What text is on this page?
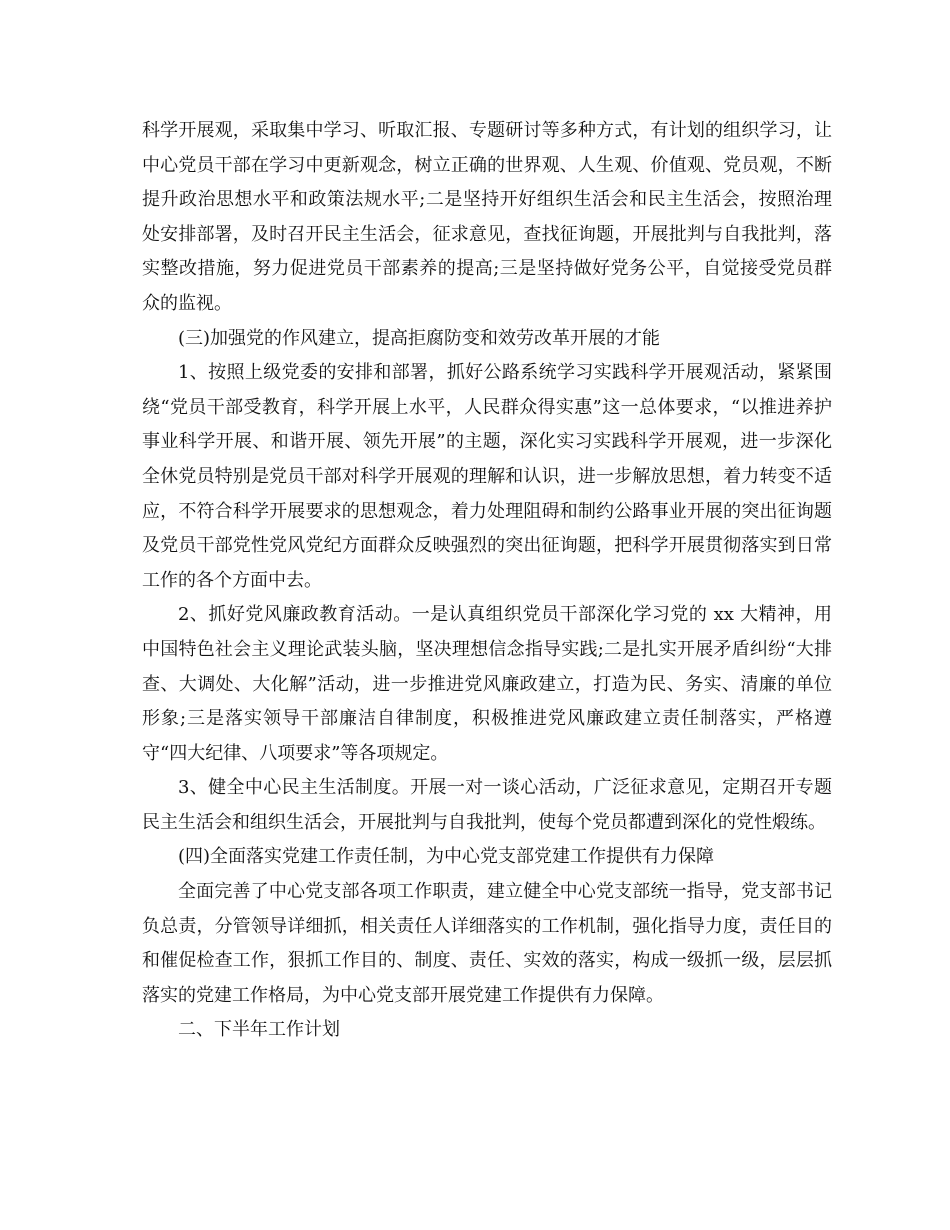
科学开展观，采取集中学习、听取汇报、专题研讨等多种方式，有计划的组织学习，让中心党员干部在学习中更新观念，树立正确的世界观、人生观、价值观、党员观，不断提升政治思想水平和政策法规水平;二是坚持开好组织生活会和民主生活会，按照治理处安排部署，及时召开民主生活会，征求意见，查找征询题，开展批判与自我批判，落实整改措施，努力促进党员干部素养的提高;三是坚持做好党务公平，自觉接受党员群众的监视。

(三)加强党的作风建立，提高拒腐防变和效劳改革开展的才能

1、按照上级党委的安排和部署，抓好公路系统学习实践科学开展观活动，紧紧围绕“党员干部受教育，科学开展上水平，人民群众得实惠”这一总体要求，“以推进养护事业科学开展、和谐开展、领先开展”的主题，深化实习实践科学开展观，进一步深化全休党员特别是党员干部对科学开展观的理解和认识，进一步解放思想，着力转变不适应，不符合科学开展要求的思想观念，着力处理阻碍和制约公路事业开展的突出征询题及党员干部党性党风党纪方面群众反映强烈的突出征询题，把科学开展贯彻落实到日常工作的各个方面中去。

2、抓好党风廉政教育活动。一是认真组织党员干部深化学习党的 xx 大精神，用中国特色社会主义理论武装头脑，坚决理想信念指导实践;二是扎实开展矛盾纠纷“大排查、大调处、大化解”活动，进一步推进党风廉政建立，打造为民、务实、清廉的单位形象;三是落实领导干部廉洁自律制度，积极推进党风廉政建立责任制落实，严格遵守“四大纪律、八项要求”等各项规定。

3、健全中心民主生活制度。开展一对一谈心活动，广泛征求意见，定期召开专题民主生活会和组织生活会，开展批判与自我批判，使每个党员都遭到深化的党性煅练。

(四)全面落实党建工作责任制，为中心党支部党建工作提供有力保障

全面完善了中心党支部各项工作职责，建立健全中心党支部统一指导，党支部书记负总责，分管领导详细抓，相关责任人详细落实的工作机制，强化指导力度，责任目的和催促检查工作，狠抓工作目的、制度、责任、实效的落实，构成一级抓一级，层层抓落实的党建工作格局，为中心党支部开展党建工作提供有力保障。

二、下半年工作计划
